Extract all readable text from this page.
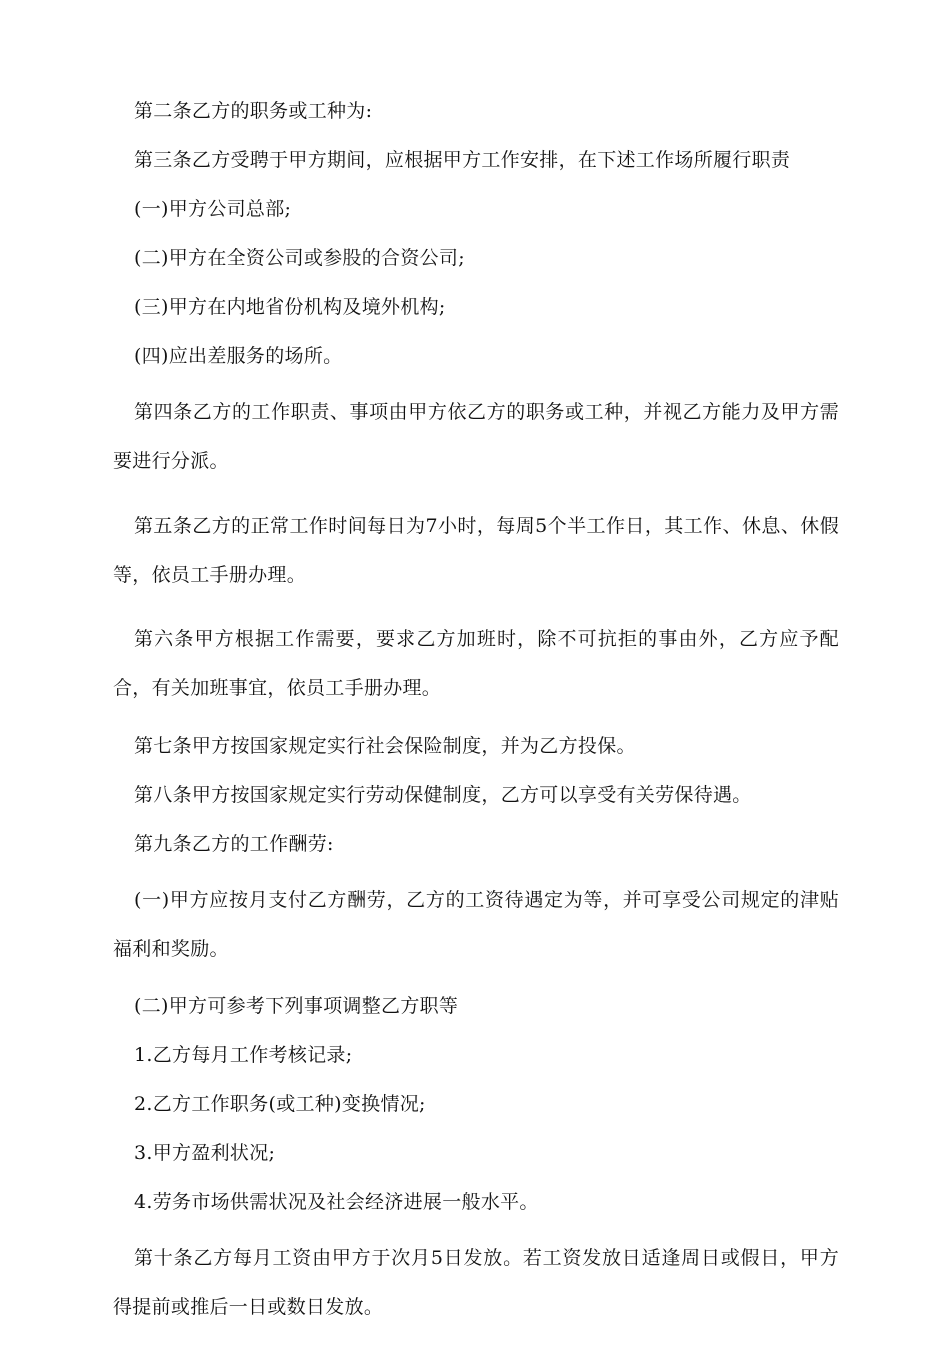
第二条乙方的职务或工种为:

第三条乙方受聘于甲方期间，应根据甲方工作安排，在下述工作场所履行职责

(一)甲方公司总部;

(二)甲方在全资公司或参股的合资公司;

(三)甲方在内地省份机构及境外机构;

(四)应出差服务的场所。

第四条乙方的工作职责、事项由甲方依乙方的职务或工种，并视乙方能力及甲方需要进行分派。

第五条乙方的正常工作时间每日为7小时，每周5个半工作日，其工作、休息、休假等，依员工手册办理。

第六条甲方根据工作需要，要求乙方加班时，除不可抗拒的事由外，乙方应予配合，有关加班事宜，依员工手册办理。

第七条甲方按国家规定实行社会保险制度，并为乙方投保。

第八条甲方按国家规定实行劳动保健制度，乙方可以享受有关劳保待遇。

第九条乙方的工作酬劳:

(一)甲方应按月支付乙方酬劳，乙方的工资待遇定为等，并可享受公司规定的津贴福利和奖励。

(二)甲方可参考下列事项调整乙方职等

1.乙方每月工作考核记录;

2.乙方工作职务(或工种)变换情况;

3.甲方盈利状况;

4.劳务市场供需状况及社会经济进展一般水平。

第十条乙方每月工资由甲方于次月5日发放。若工资发放日适逢周日或假日，甲方得提前或推后一日或数日发放。
